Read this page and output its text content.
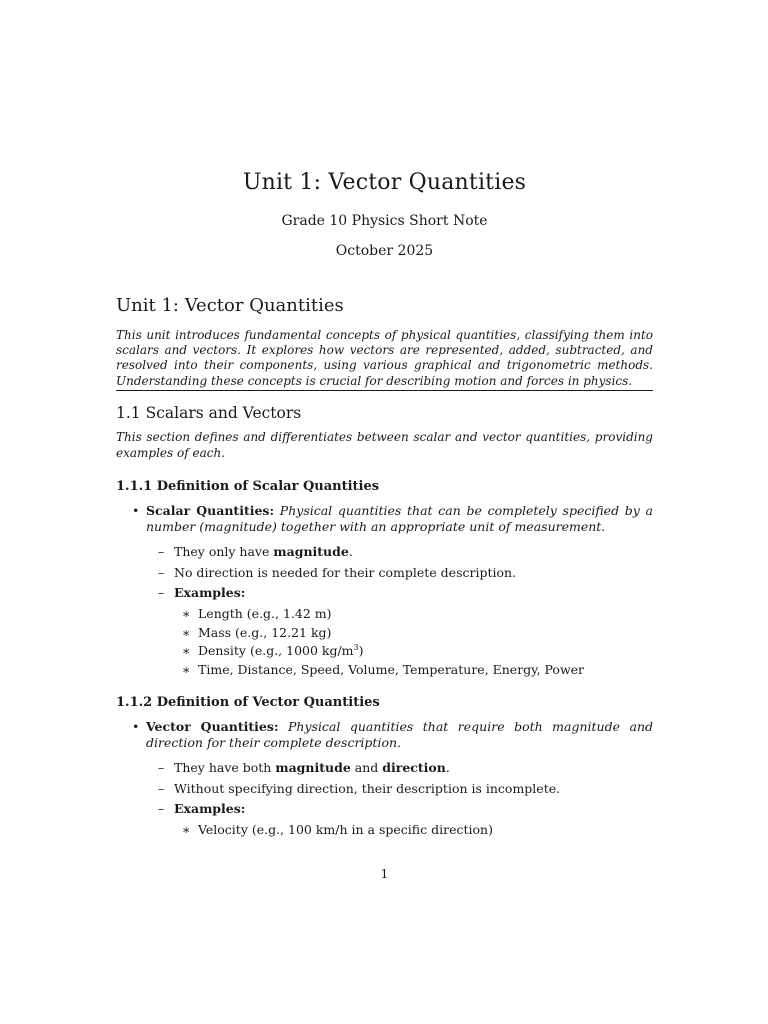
Unit 1: Vector Quantities
Grade 10 Physics Short Note
October 2025
Unit 1: Vector Quantities

This unit introduces fundamental concepts of physical quantities, classifying them into scalars and vectors. It explores how vectors are represented, added, subtracted, and resolved into their components, using various graphical and trigonometric methods. Understanding these concepts is crucial for describing motion and forces in physics.

1.1 Scalars and Vectors
This section defines and differentiates between scalar and vector quantities, providing examples of each.
1.1.1 Definition of Scalar Quantities
• Scalar Quantities: Physical quantities that can be completely specified by a number (magnitude) together with an appropriate unit of measurement.
– They only have magnitude.
– No direction is needed for their complete description.
– Examples:
∗ Length (e.g., 1.42 m)
∗ Mass (e.g., 12.21 kg)
∗ Density (e.g., 1000 $kg/m^3$)
∗ Time, Distance, Speed, Volume, Temperature, Energy, Power
1.1.2 Definition of Vector Quantities
• Vector Quantities: Physical quantities that require both magnitude and direction for their complete description.
– They have both magnitude and direction.
– Without specifying direction, their description is incomplete.
– Examples:
∗ Velocity (e.g., 100 km/h in a specific direction)
1
